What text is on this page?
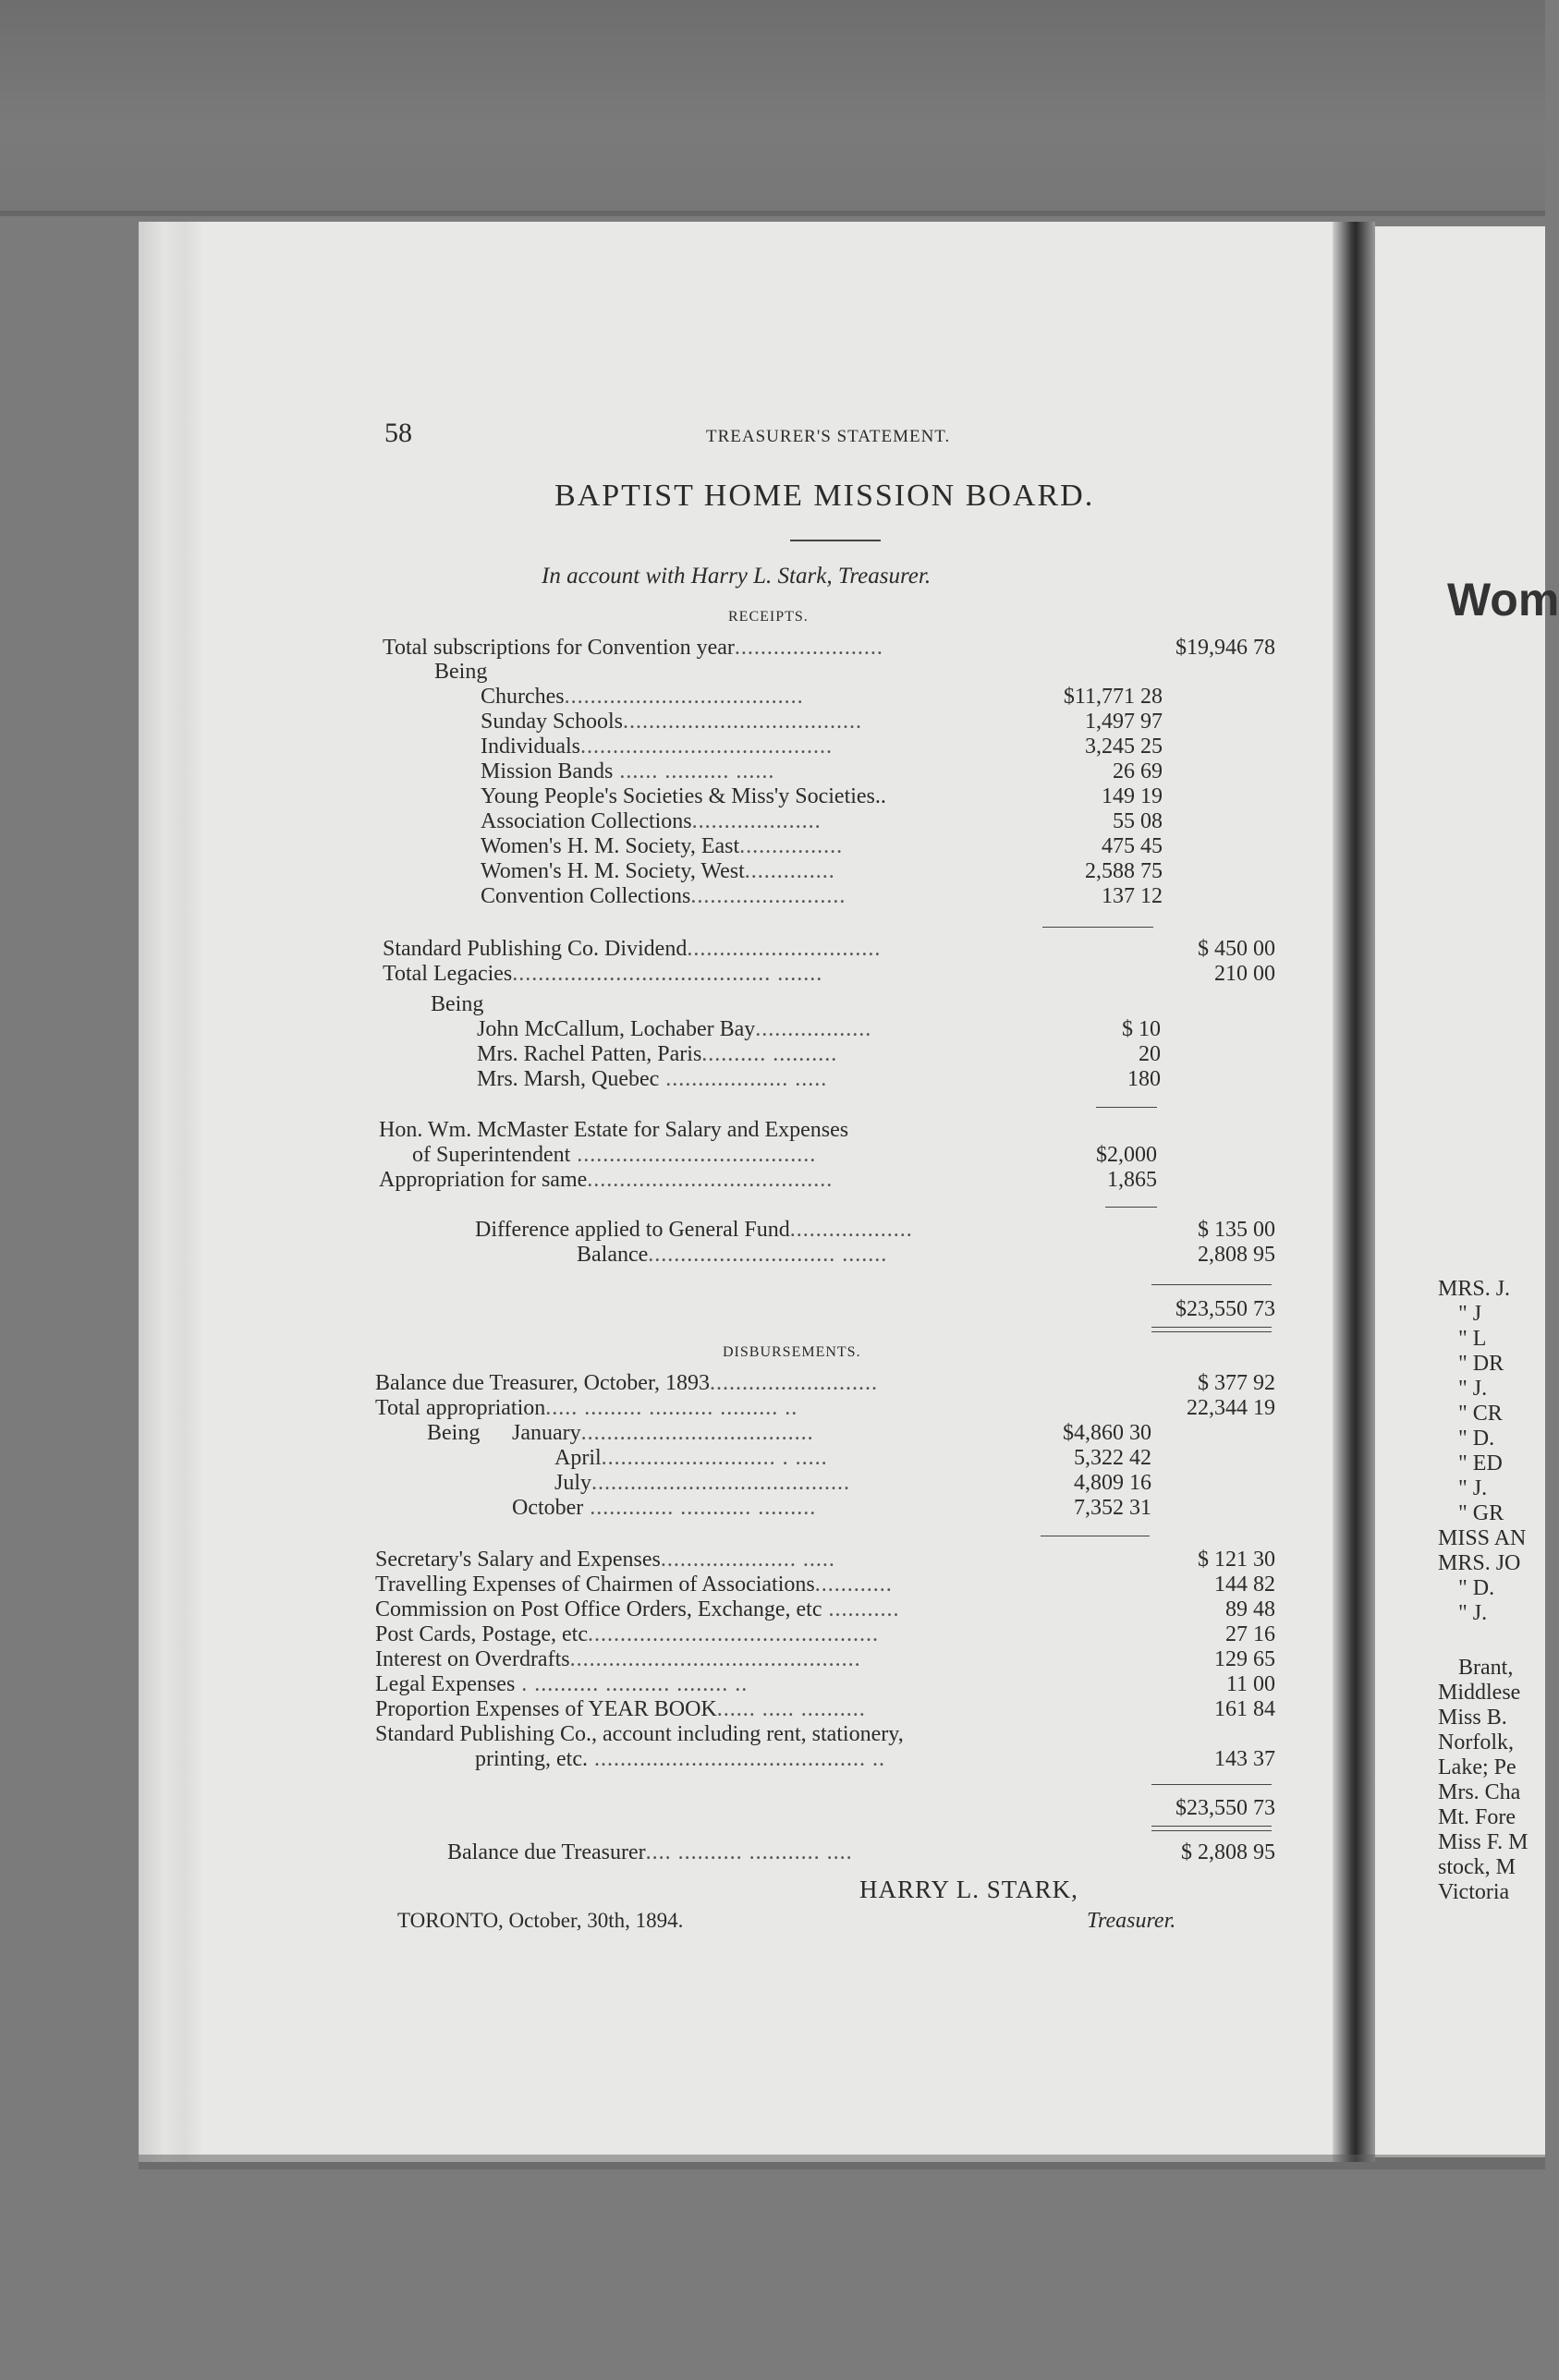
58	TREASURER'S STATEMENT.
BAPTIST HOME MISSION BOARD.
In account with Harry L. Stark, Treasurer.
RECEIPTS.
Total subscriptions for Convention year.......................	$19,946 78
Being
Churches.....................................	$11,771 28
Sunday Schools.....................................	1,497 97
Individuals.......................................	3,245 25
Mission Bands ...... .......... ......	26 69
Young People's Societies & Miss'y Societies..	149 19
Association Collections....................	55 08
Women's H. M. Society, East................	475 45
Women's H. M. Society, West..............	2,588 75
Convention Collections........................	137 12
Standard Publishing Co. Dividend..............................	$ 450 00
Total Legacies........................................ .......	210 00
Being
John McCallum, Lochaber Bay..................	$ 10
Mrs. Rachel Patten, Paris.......... ..........	20
Mrs. Marsh, Quebec ................... .....	180
Hon. Wm. McMaster Estate for Salary and Expenses
of Superintendent .....................................	$2,000
Appropriation for same......................................	1,865
Difference applied to General Fund...................	$ 135 00
Balance............................. .......	2,808 95
$23,550 73
DISBURSEMENTS.
Balance due Treasurer, October, 1893..........................	$ 377 92
Total appropriation..... ......... .......... ......... ..	22,344 19
Being January....................................	$4,860 30
April........................... . .....	5,322 42
July........................................	4,809 16
October ............. ........... .........	7,352 31
Secretary's Salary and Expenses..................... .....	$ 121 30
Travelling Expenses of Chairmen of Associations............	144 82
Commission on Post Office Orders, Exchange, etc ...........	89 48
Post Cards, Postage, etc.............................................	27 16
Interest on Overdrafts.............................................	129 65
Legal Expenses . .......... .......... ........ ..	11 00
Proportion Expenses of YEAR BOOK...... ..... ..........	161 84
Standard Publishing Co., account including rent, stationery,
printing, etc. .......................................... ..	143 37
$23,550 73
Balance due Treasurer.... .......... ........... ....	$ 2,808 95
HARRY L. STARK,
Treasurer.
TORONTO, October, 30th, 1894.
Wom
MRS. J.
" J
" L
" DR
" J.
" CR
" D.
" ED
" J.
" GR
MISS AN
MRS. JO
" D.
" J.
Brant,
Middlese
Miss B.
Norfolk,
Lake; Pe
Mrs. Cha
Mt. Fore
Miss F. M
stock, M
Victoria
